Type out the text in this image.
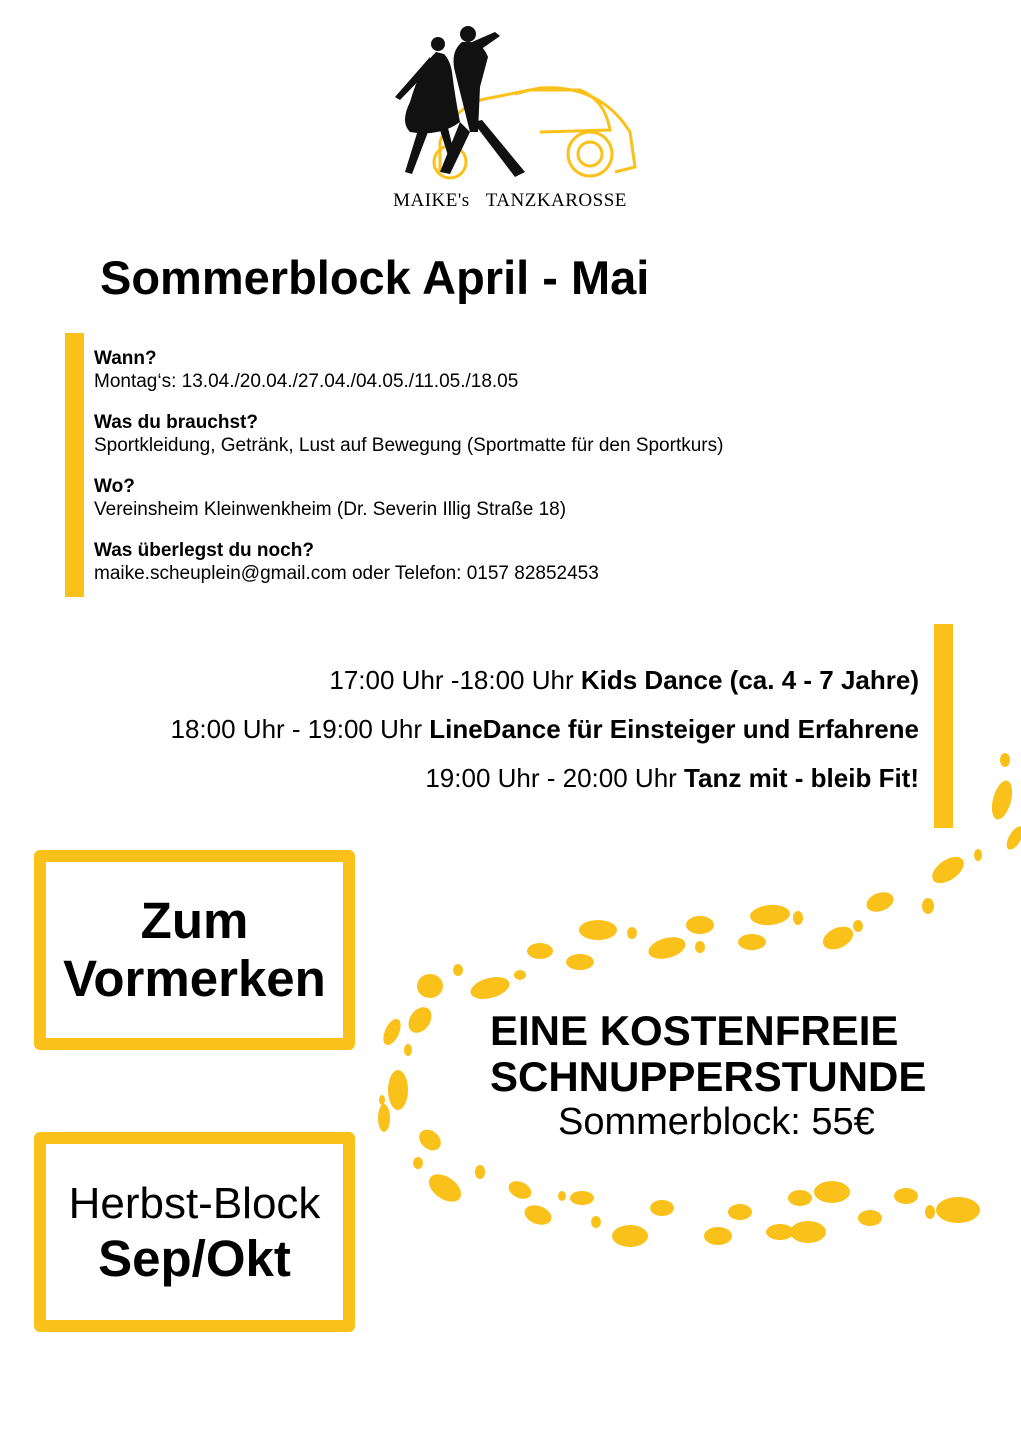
MAIKE's TANZKAROSSE
Sommerblock April - Mai
Wann?
Montag‘s: 13.04./20.04./27.04./04.05./11.05./18.05
Was du brauchst?
Sportkleidung, Getränk, Lust auf Bewegung (Sportmatte für den Sportkurs)
Wo?
Vereinsheim Kleinwenkheim (Dr. Severin Illig Straße 18)
Was überlegst du noch?
maike.scheuplein@gmail.com oder Telefon: 0157 82852453
17:00 Uhr -18:00 Uhr Kids Dance (ca. 4 - 7 Jahre)
18:00 Uhr - 19:00 Uhr LineDance für Einsteiger und Erfahrene
19:00 Uhr - 20:00 Uhr Tanz mit - bleib Fit!
Zum
Vormerken
Herbst-Block
Sep/Okt
EINE KOSTENFREIE
SCHNUPPERSTUNDE
Sommerblock: 55€
